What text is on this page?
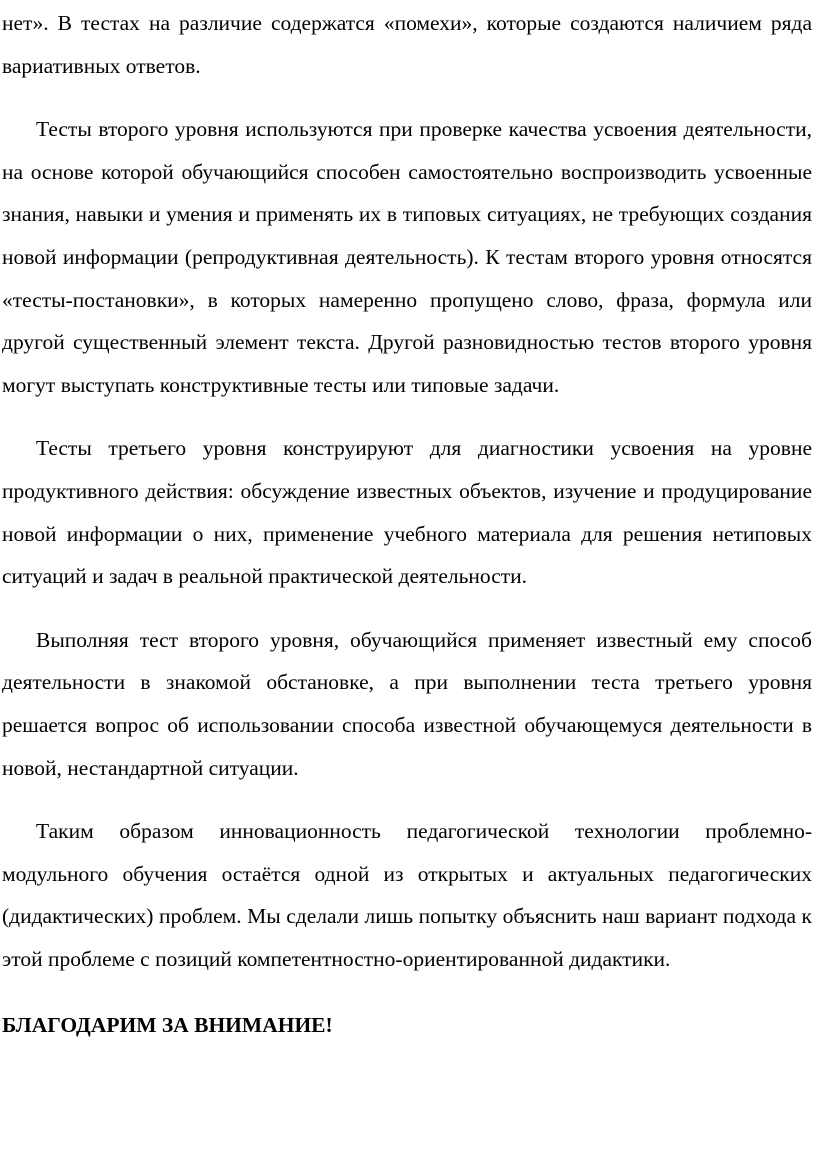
нет». В тестах на различие содержатся «помехи», которые создаются наличием ряда вариативных ответов.

Тесты второго уровня используются при проверке качества усвоения деятельности, на основе которой обучающийся способен самостоятельно воспроизводить усвоенные знания, навыки и умения и применять их в типовых ситуациях, не требующих создания новой информации (репродуктивная деятельность). К тестам второго уровня относятся «тесты-постановки», в которых намеренно пропущено слово, фраза, формула или другой существенный элемент текста. Другой разновидностью тестов второго уровня могут выступать конструктивные тесты или типовые задачи.

Тесты третьего уровня конструируют для диагностики усвоения на уровне продуктивного действия: обсуждение известных объектов, изучение и продуцирование новой информации о них, применение учебного материала для решения нетиповых ситуаций и задач в реальной практической деятельности.

Выполняя тест второго уровня, обучающийся применяет известный ему способ деятельности в знакомой обстановке, а при выполнении теста третьего уровня решается вопрос об использовании способа известной обучающемуся деятельности в новой, нестандартной ситуации.

Таким образом инновационность педагогической технологии проблемно-модульного обучения остаётся одной из открытых и актуальных педагогических (дидактических) проблем. Мы сделали лишь попытку объяснить наш вариант подхода к этой проблеме с позиций компетентностно-ориентированной дидактики.

БЛАГОДАРИМ ЗА ВНИМАНИЕ!
